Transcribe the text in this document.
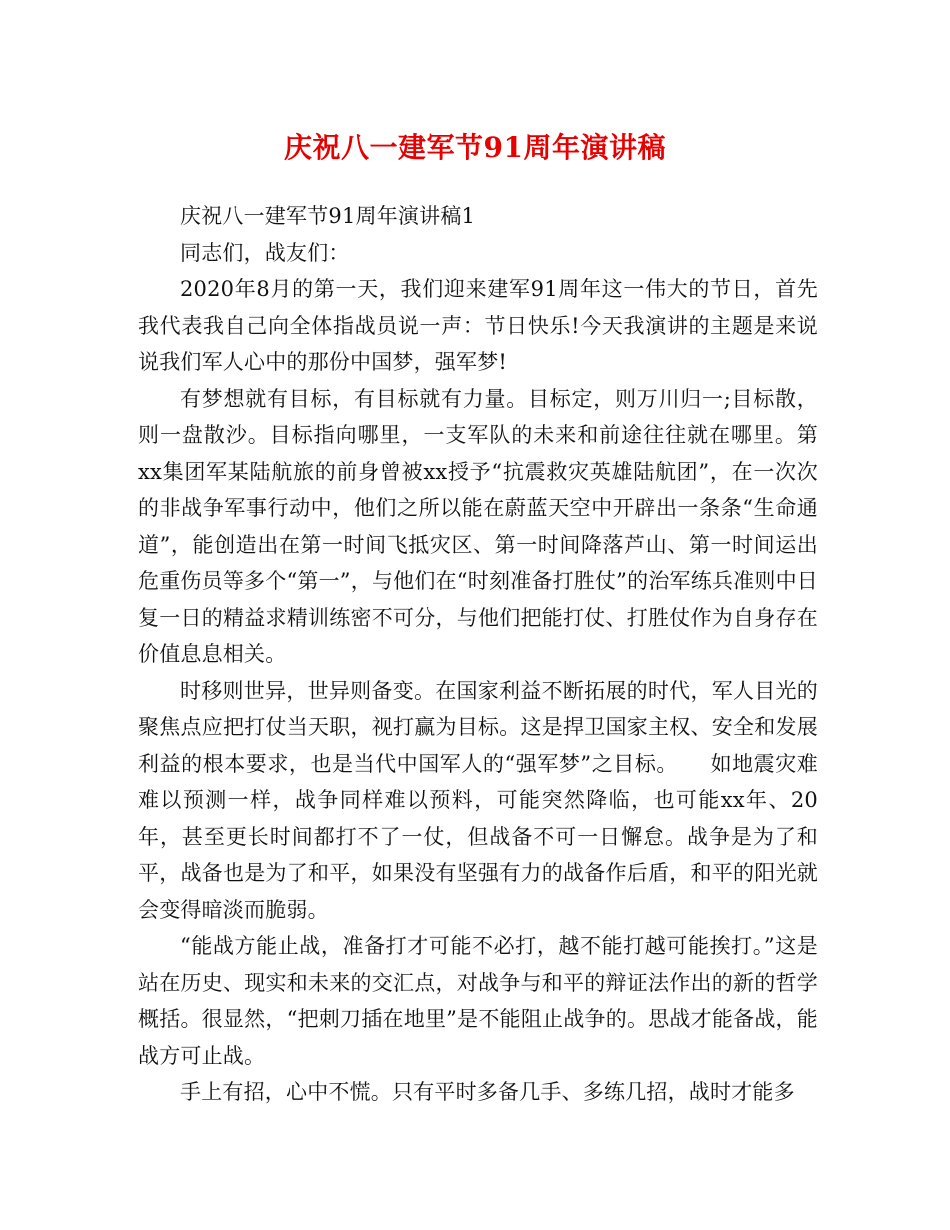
庆祝八一建军节91周年演讲稿

庆祝八一建军节91周年演讲稿1

同志们，战友们：

2020年8月的第一天，我们迎来建军91周年这一伟大的节日，首先我代表我自己向全体指战员说一声：节日快乐!今天我演讲的主题是来说说我们军人心中的那份中国梦，强军梦!

有梦想就有目标，有目标就有力量。目标定，则万川归一;目标散，则一盘散沙。目标指向哪里，一支军队的未来和前途往往就在哪里。第xx集团军某陆航旅的前身曾被xx授予“抗震救灾英雄陆航团”，在一次次的非战争军事行动中，他们之所以能在蔚蓝天空中开辟出一条条“生命通道”，能创造出在第一时间飞抵灾区、第一时间降落芦山、第一时间运出危重伤员等多个“第一”，与他们在“时刻准备打胜仗”的治军练兵准则中日复一日的精益求精训练密不可分，与他们把能打仗、打胜仗作为自身存在价值息息相关。

时移则世异，世异则备变。在国家利益不断拓展的时代，军人目光的聚焦点应把打仗当天职，视打赢为目标。这是捍卫国家主权、安全和发展利益的根本要求，也是当代中国军人的“强军梦”之目标。　　如地震灾难难以预测一样，战争同样难以预料，可能突然降临，也可能xx年、20年，甚至更长时间都打不了一仗，但战备不可一日懈怠。战争是为了和平，战备也是为了和平，如果没有坚强有力的战备作后盾，和平的阳光就会变得暗淡而脆弱。

“能战方能止战，准备打才可能不必打，越不能打越可能挨打。”这是站在历史、现实和未来的交汇点，对战争与和平的辩证法作出的新的哲学概括。很显然，“把刺刀插在地里”是不能阻止战争的。思战才能备战，能战方可止战。

手上有招，心中不慌。只有平时多备几手、多练几招，战时才能多
